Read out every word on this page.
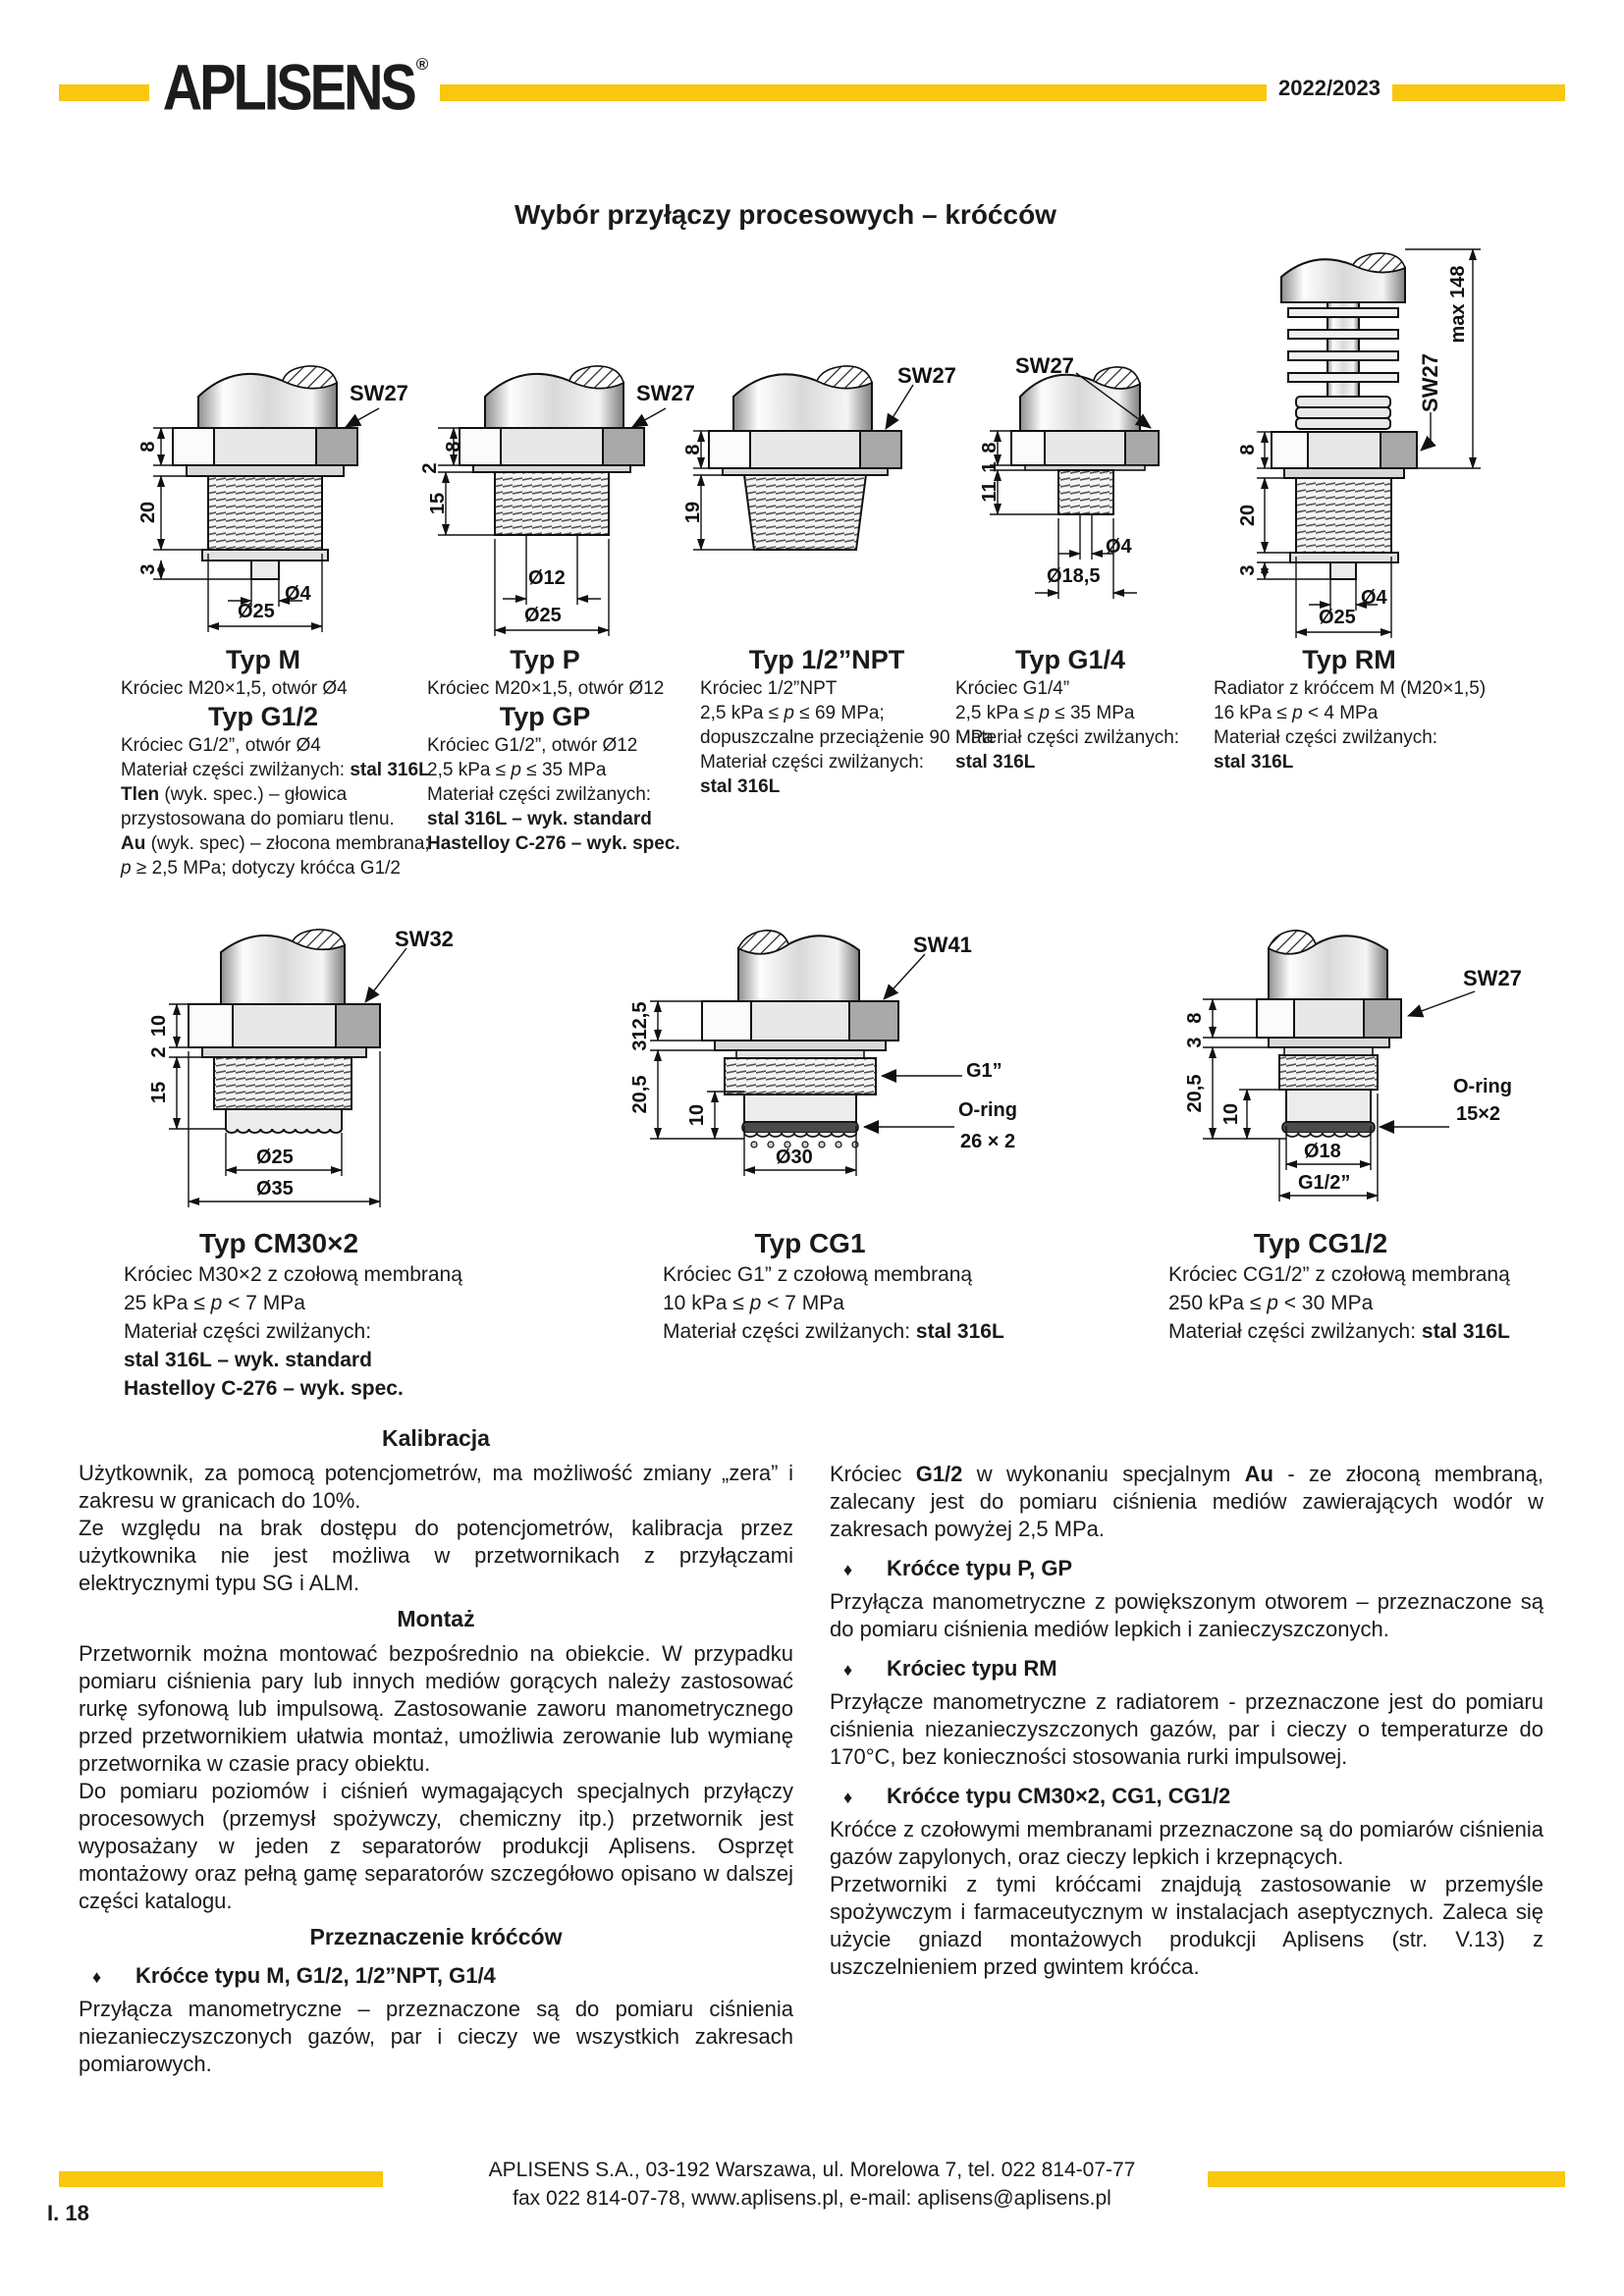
APLISENS ®
2022/2023
Wybór przyłączy procesowych – króćców
SW27
8
20
3
Ø4
Ø25
SW27
8
2
15
Ø12
Ø25
SW27
8
19
SW27
8
1
11
Ø4
Ø18,5
SW27
max 148
8
20
3
Ø4
Ø25
Typ M
Króciec M20×1,5, otwór Ø4
Typ G1/2
Króciec G1/2”, otwór Ø4
Materiał części zwilżanych: stal 316L
Tlen (wyk. spec.) – głowica
przystosowana do pomiaru tlenu.
Au (wyk. spec) – złocona membrana;
p ≥ 2,5 MPa; dotyczy króćca G1/2
Typ P
Króciec M20×1,5, otwór Ø12
Typ GP
Króciec G1/2”, otwór Ø12
2,5 kPa ≤ p ≤ 35 MPa
Materiał części zwilżanych:
stal 316L – wyk. standard
Hastelloy C-276 – wyk. spec.
Typ 1/2”NPT
Króciec 1/2”NPT
2,5 kPa ≤ p ≤ 69 MPa;
dopuszczalne przeciążenie 90 MPa
Materiał części zwilżanych:
stal 316L
Typ G1/4
Króciec G1/4”
2,5 kPa ≤ p ≤ 35 MPa
Materiał części zwilżanych:
stal 316L
Typ RM
Radiator z króćcem M (M20×1,5)
16 kPa ≤ p < 4 MPa
Materiał części zwilżanych:
stal 316L
SW32
10
2
15
Ø25
Ø35
SW41
12,5
3
20,5
10
G1”
O-ring
26 × 2
Ø30
SW27
8
3
20,5
10
O-ring
15×2
Ø18
G1/2”
Typ CM30×2
Króciec M30×2 z czołową membraną
25 kPa ≤ p < 7 MPa
Materiał części zwilżanych:
stal 316L – wyk. standard
Hastelloy C-276 – wyk. spec.
Typ CG1
Króciec G1” z czołową membraną
10 kPa ≤ p < 7 MPa
Materiał części zwilżanych: stal 316L
Typ CG1/2
Króciec CG1/2” z czołową membraną
250 kPa ≤ p < 30 MPa
Materiał części zwilżanych: stal 316L
Kalibracja
Użytkownik, za pomocą potencjometrów, ma możliwość zmiany „zera” i zakresu w granicach do 10%.
Ze względu na brak dostępu do potencjometrów, kalibracja przez użytkownika nie jest możliwa w przetwornikach z przyłączami elektrycznymi typu SG i ALM.
Montaż
Przetwornik można montować bezpośrednio na obiekcie. W przypadku pomiaru ciśnienia pary lub innych mediów gorących należy zastosować rurkę syfonową lub impulsową. Zastosowanie zaworu manometrycznego przed przetwornikiem ułatwia montaż, umożliwia zerowanie lub wymianę przetwornika w czasie pracy obiektu.
Do pomiaru poziomów i ciśnień wymagających specjalnych przyłączy procesowych (przemysł spożywczy, chemiczny itp.) przetwornik jest wyposażany w jeden z separatorów produkcji Aplisens. Osprzęt montażowy oraz pełną gamę separatorów szczegółowo opisano w dalszej części katalogu.
Przeznaczenie króćców
♦ Króćce typu M, G1/2, 1/2”NPT, G1/4
Przyłącza manometryczne – przeznaczone są do pomiaru ciśnienia niezanieczyszczonych gazów, par i cieczy we wszystkich zakresach pomiarowych.
Króciec G1/2 w wykonaniu specjalnym Au - ze złoconą membraną, zalecany jest do pomiaru ciśnienia mediów zawierających wodór w zakresach powyżej 2,5 MPa.
♦ Króćce typu P, GP
Przyłącza manometryczne z powiększonym otworem – przeznaczone są do pomiaru ciśnienia mediów lepkich i zanieczyszczonych.
♦ Króciec typu RM
Przyłącze manometryczne z radiatorem - przeznaczone jest do pomiaru ciśnienia niezanieczyszczonych gazów, par i cieczy o temperaturze do 170°C, bez konieczności stosowania rurki impulsowej.
♦ Króćce typu CM30×2, CG1, CG1/2
Króćce z czołowymi membranami przeznaczone są do pomiarów ciśnienia gazów zapylonych, oraz cieczy lepkich i krzepnących.
Przetworniki z tymi króćcami znajdują zastosowanie w przemyśle spożywczym i farmaceutycznym w instalacjach aseptycznych. Zaleca się użycie gniazd montażowych produkcji Aplisens (str. V.13) z uszczelnieniem przed gwintem króćca.
APLISENS S.A., 03-192 Warszawa, ul. Morelowa 7, tel. 022 814-07-77
fax 022 814-07-78, www.aplisens.pl, e-mail: aplisens@aplisens.pl
I. 18
